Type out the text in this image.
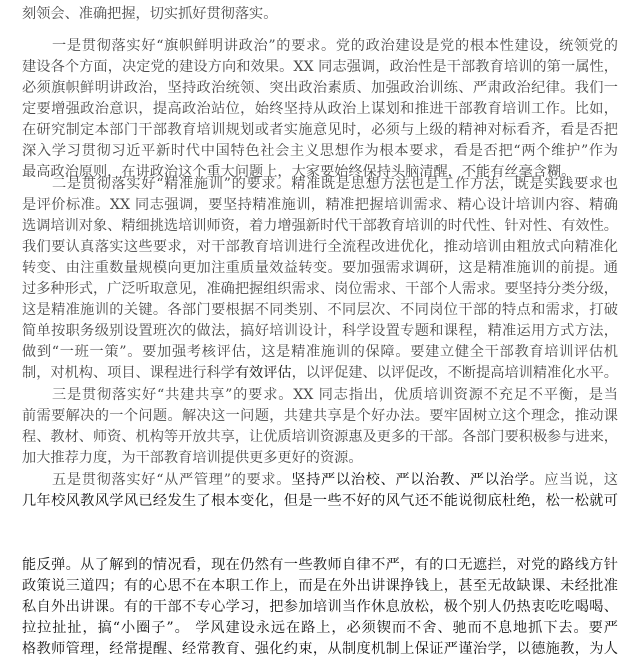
刻领会、准确把握，切实抓好贯彻落实。
一是贯彻落实好“旗帜鲜明讲政治”的要求。党的政治建设是党的根本性建设，统领党的
建设各个方面，决定党的建设方向和效果。XX 同志强调，政治性是干部教育培训的第一属性，
必须旗帜鲜明讲政治，坚持政治统领、突出政治素质、加强政治训练、严肃政治纪律。我们一
定要增强政治意识，提高政治站位，始终坚持从政治上谋划和推进干部教育培训工作。比如，
在研究制定本部门干部教育培训规划或者实施意见时，必须与上级的精神对标看齐，看是否把
深入学习贯彻习近平新时代中国特色社会主义思想作为根本要求，看是否把“两个维护”作为
最高政治原则，在讲政治这个重大问题上，大家要始终保持头脑清醒，不能有丝毫含糊。
二是贯彻落实好“精准施训”的要求。精准既是思想方法也是工作方法，既是实践要求也
是评价标准。XX 同志强调，要坚持精准施训，精准把握培训需求、精心设计培训内容、精确
选调培训对象、精细挑选培训师资，着力增强新时代干部教育培训的时代性、针对性、有效性。
我们要认真落实这些要求，对干部教育培训进行全流程改进优化，推动培训由粗放式向精准化
转变、由注重数量规模向更加注重质量效益转变。要加强需求调研，这是精准施训的前提。通
过多种形式，广泛听取意见，准确把握组织需求、岗位需求、干部个人需求。要坚持分类分级，
这是精准施训的关键。各部门要根据不同类别、不同层次、不同岗位干部的特点和需求，打破
简单按职务级别设置班次的做法，搞好培训设计，科学设置专题和课程，精准运用方式方法，
做到“一班一策”。要加强考核评估，这是精准施训的保障。要建立健全干部教育培训评估机
制，对机构、项目、课程进行科学有效评估，以评促建、以评促改，不断提高培训精准化水平。
三是贯彻落实好“共建共享”的要求。XX 同志指出，优质培训资源不充足不平衡，是当
前需要解决的一个问题。解决这一问题，共建共享是个好办法。要牢固树立这个理念，推动课
程、教材、师资、机构等开放共享，让优质培训资源惠及更多的干部。各部门要积极参与进来，
加大推荐力度，为干部教育培训提供更多更好的资源。
五是贯彻落实好“从严管理”的要求。坚持严以治校、严以治教、严以治学。应当说，这
几年校风教风学风已经发生了根本变化，但是一些不好的风气还不能说彻底杜绝，松一松就可
能反弹。从了解到的情况看，现在仍然有一些教师自律不严，有的口无遮拦，对党的路线方针
政策说三道四；有的心思不在本职工作上，而是在外出讲课挣钱上，甚至无故缺课、未经批准
私自外出讲课。有的干部不专心学习，把参加培训当作休息放松，极个别人仍热衷吃吃喝喝、
拉拉扯扯，搞“小圈子”。 学风建设永远在路上，必须锲而不舍、驰而不息地抓下去。要严
格教师管理，经常提醒、经常教育、强化约束，从制度机制上保证严谨治学，以德施教，为人
